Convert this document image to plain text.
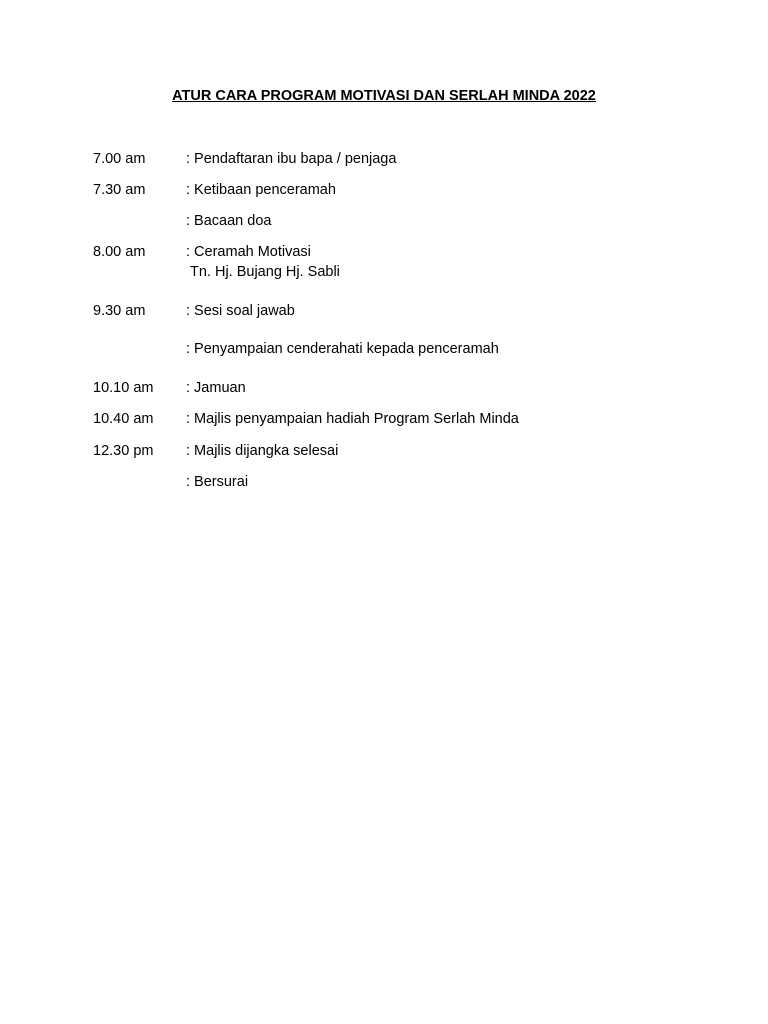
ATUR CARA PROGRAM MOTIVASI DAN SERLAH MINDA 2022
7.00 am	: Pendaftaran ibu bapa / penjaga
7.30 am	: Ketibaan penceramah
: Bacaan doa
8.00 am	: Ceramah Motivasi
Tn. Hj. Bujang Hj. Sabli
9.30 am	: Sesi soal jawab
: Penyampaian cenderahati kepada penceramah
10.10 am : Jamuan
10.40 am : Majlis penyampaian hadiah Program Serlah Minda
12.30 pm : Majlis dijangka selesai
: Bersurai
